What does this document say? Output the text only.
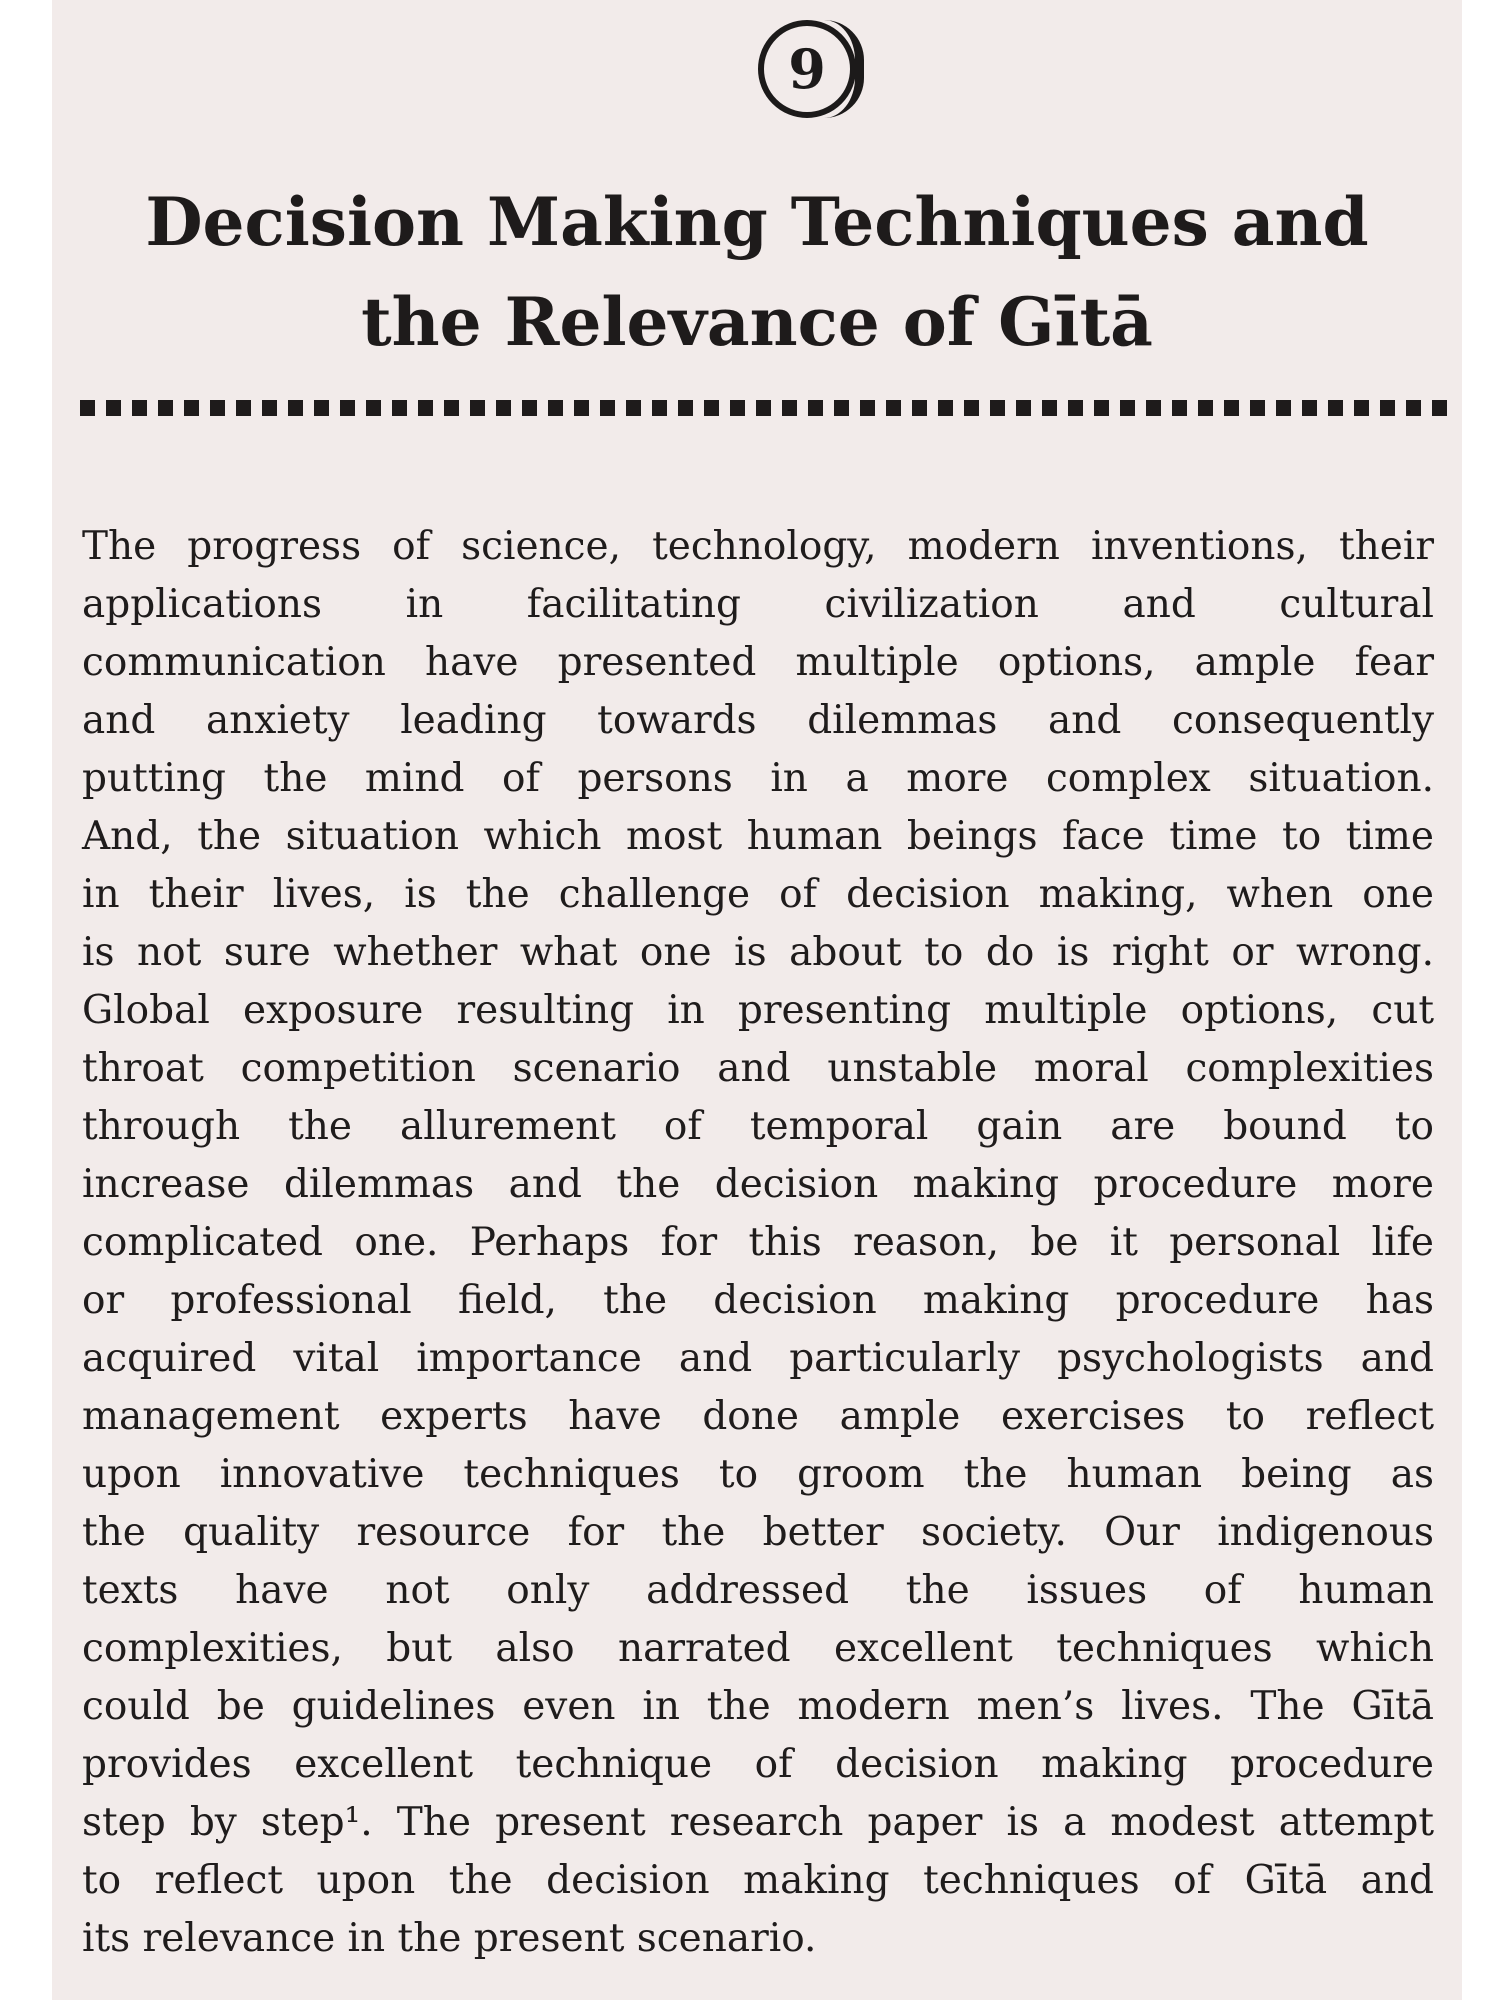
9
Decision Making Techniques and
the Relevance of Gītā

The progress of science, technology, modern inventions, their
applications in facilitating civilization and cultural
communication have presented multiple options, ample fear
and anxiety leading towards dilemmas and consequently
putting the mind of persons in a more complex situation.
And, the situation which most human beings face time to time
in their lives, is the challenge of decision making, when one
is not sure whether what one is about to do is right or wrong.
Global exposure resulting in presenting multiple options, cut
throat competition scenario and unstable moral complexities
through the allurement of temporal gain are bound to
increase dilemmas and the decision making procedure more
complicated one. Perhaps for this reason, be it personal life
or professional field, the decision making procedure has
acquired vital importance and particularly psychologists and
management experts have done ample exercises to reflect
upon innovative techniques to groom the human being as
the quality resource for the better society. Our indigenous
texts have not only addressed the issues of human
complexities, but also narrated excellent techniques which
could be guidelines even in the modern men’s lives. The Gītā
provides excellent technique of decision making procedure
step by step¹. The present research paper is a modest attempt
to reflect upon the decision making techniques of Gītā and
its relevance in the present scenario.
